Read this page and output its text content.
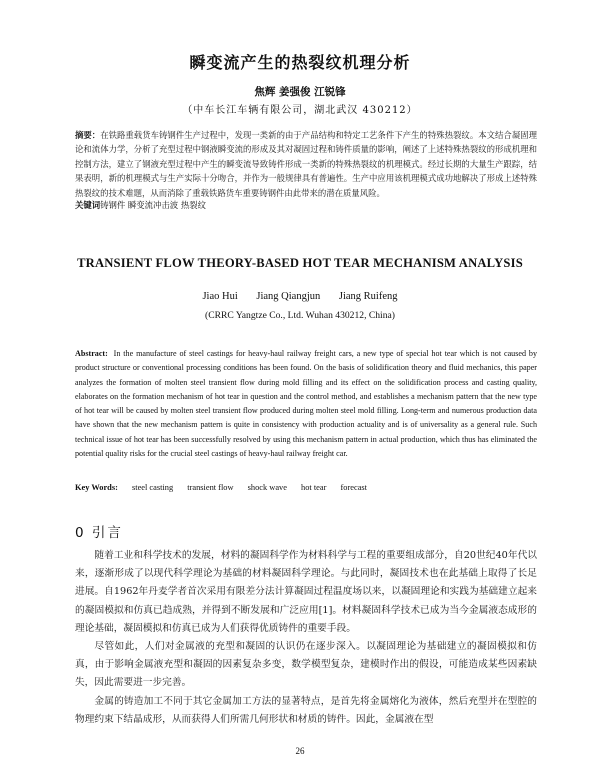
瞬变流产生的热裂纹机理分析
焦辉 姜强俊 江锐锋
（中车长江车辆有限公司，湖北武汉 430212）
摘要：在铁路重载货车铸钢件生产过程中，发现一类新的由于产品结构和特定工艺条件下产生的特殊热裂纹。本文结合凝固理论和流体力学，分析了充型过程中钢液瞬变流的形成及其对凝固过程和铸件质量的影响，阐述了上述特殊热裂纹的形成机理和控制方法，建立了钢液充型过程中产生的瞬变流导致铸件形成一类新的特殊热裂纹的机理模式。经过长期的大量生产跟踪，结果表明，新的机理模式与生产实际十分吻合，并作为一般规律具有普遍性。生产中应用该机理模式成功地解决了形成上述特殊热裂纹的技术难题，从而消除了重载铁路货车重要铸钢件由此带来的潜在质量风险。
关键词铸钢件 瞬变流冲击波 热裂纹
TRANSIENT FLOW THEORY-BASED HOT TEAR MECHANISM ANALYSIS
Jiao Hui Jiang Qiangjun Jiang Ruifeng
(CRRC Yangtze Co., Ltd. Wuhan 430212, China)
Abstract: In the manufacture of steel castings for heavy-haul railway freight cars, a new type of special hot tear which is not caused by product structure or conventional processing conditions has been found. On the basis of solidification theory and fluid mechanics, this paper analyzes the formation of molten steel transient flow during mold filling and its effect on the solidification process and casting quality, elaborates on the formation mechanism of hot tear in question and the control method, and establishes a mechanism pattern that the new type of hot tear will be caused by molten steel transient flow produced during molten steel mold filling. Long-term and numerous production data have shown that the new mechanism pattern is quite in consistency with production actuality and is of universality as a general rule. Such technical issue of hot tear has been successfully resolved by using this mechanism pattern in actual production, which thus has eliminated the potential quality risks for the crucial steel castings of heavy-haul railway freight car.
Key Words: steel casting transient flow shock wave hot tear forecast
0 引言

随着工业和科学技术的发展，材料的凝固科学作为材料科学与工程的重要组成部分，自20世纪40年代以来，逐渐形成了以现代科学理论为基础的材料凝固科学理论。与此同时，凝固技术也在此基础上取得了长足进展。自1962年丹麦学者首次采用有限差分法计算凝固过程温度场以来，以凝固理论和实践为基础建立起来的凝固模拟和仿真已趋成熟，并得到不断发展和广泛应用[1]。材料凝固科学技术已成为当今金属液态成形的理论基础，凝固模拟和仿真已成为人们获得优质铸件的重要手段。

尽管如此，人们对金属液的充型和凝固的认识仍在逐步深入。以凝固理论为基础建立的凝固模拟和仿真，由于影响金属液充型和凝固的因素复杂多变，数学模型复杂，建模时作出的假设，可能造成某些因素缺失，因此需要进一步完善。

金属的铸造加工不同于其它金属加工方法的显著特点，是首先将金属熔化为液体，然后充型并在型腔的物理约束下结晶成形，从而获得人们所需几何形状和材质的铸件。因此，金属液在型

26
